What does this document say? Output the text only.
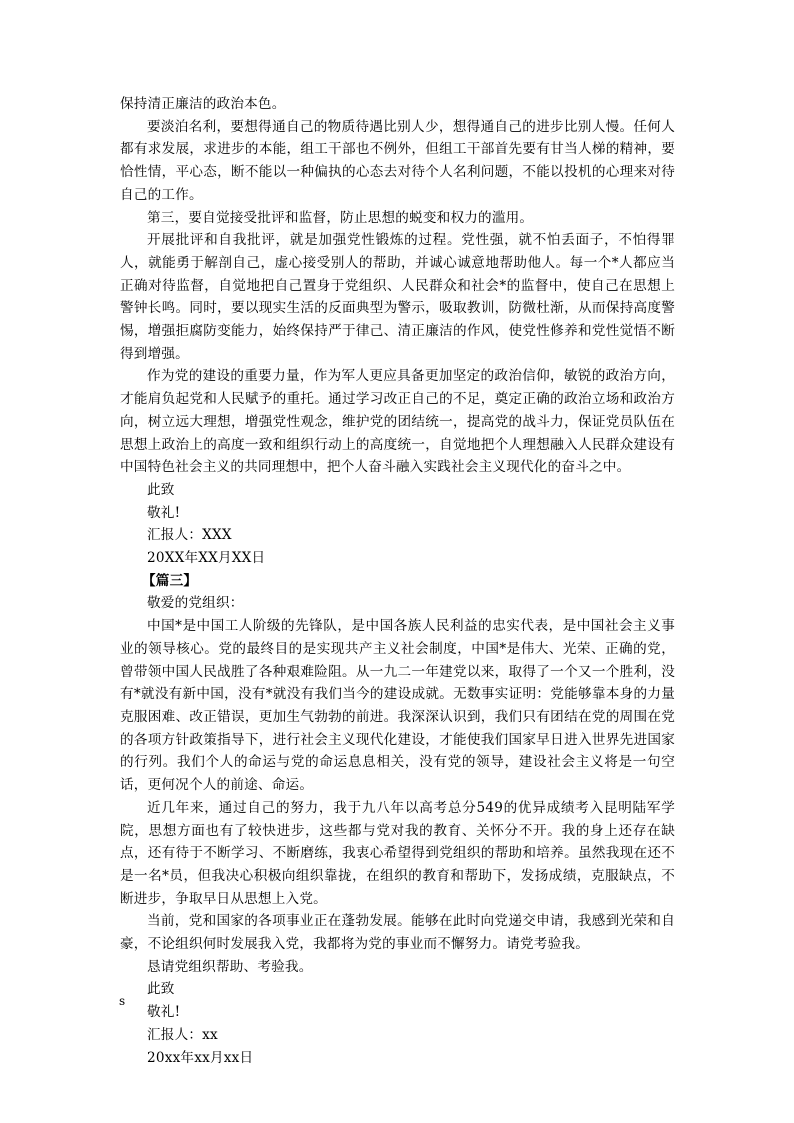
保持清正廉洁的政治本色。

要淡泊名利，要想得通自己的物质待遇比别人少，想得通自己的进步比别人慢。任何人都有求发展，求进步的本能，组工干部也不例外，但组工干部首先要有甘当人梯的精神，要恰性情，平心态，断不能以一种偏执的心态去对待个人名利问题，不能以投机的心理来对待自己的工作。

第三，要自觉接受批评和监督，防止思想的蜕变和权力的滥用。

开展批评和自我批评，就是加强党性锻炼的过程。党性强，就不怕丢面子，不怕得罪人，就能勇于解剖自己，虚心接受别人的帮助，并诚心诚意地帮助他人。每一个*人都应当正确对待监督，自觉地把自己置身于党组织、人民群众和社会*的监督中，使自己在思想上警钟长鸣。同时，要以现实生活的反面典型为警示，吸取教训，防微杜渐，从而保持高度警惕，增强拒腐防变能力，始终保持严于律己、清正廉洁的作风，使党性修养和党性觉悟不断得到增强。

作为党的建设的重要力量，作为军人更应具备更加坚定的政治信仰，敏锐的政治方向，才能肩负起党和人民赋予的重托。通过学习改正自己的不足，奠定正确的政治立场和政治方向，树立远大理想，增强党性观念，维护党的团结统一，提高党的战斗力，保证党员队伍在思想上政治上的高度一致和组织行动上的高度统一，自觉地把个人理想融入人民群众建设有中国特色社会主义的共同理想中，把个人奋斗融入实践社会主义现代化的奋斗之中。

此致

敬礼!

汇报人：XXX

20XX年XX月XX日

【篇三】

敬爱的党组织：

中国*是中国工人阶级的先锋队，是中国各族人民利益的忠实代表，是中国社会主义事业的领导核心。党的最终目的是实现共产主义社会制度，中国*是伟大、光荣、正确的党，曾带领中国人民战胜了各种艰难险阻。从一九二一年建党以来，取得了一个又一个胜利，没有*就没有新中国，没有*就没有我们当今的建设成就。无数事实证明：党能够靠本身的力量克服困难、改正错误，更加生气勃勃的前进。我深深认识到，我们只有团结在党的周围在党的各项方针政策指导下，进行社会主义现代化建设，才能使我们国家早日进入世界先进国家的行列。我们个人的命运与党的命运息息相关，没有党的领导，建设社会主义将是一句空话，更何况个人的前途、命运。

近几年来，通过自己的努力，我于九八年以高考总分549的优异成绩考入昆明陆军学院，思想方面也有了较快进步，这些都与党对我的教育、关怀分不开。我的身上还存在缺点，还有待于不断学习、不断磨练，我衷心希望得到党组织的帮助和培养。虽然我现在还不是一名*员，但我决心积极向组织靠拢，在组织的教育和帮助下，发扬成绩，克服缺点，不断进步，争取早日从思想上入党。

当前，党和国家的各项事业正在蓬勃发展。能够在此时向党递交申请，我感到光荣和自豪，不论组织何时发展我入党，我都将为党的事业而不懈努力。请党考验我。

恳请党组织帮助、考验我。

此致

敬礼!

汇报人：xx

20xx年xx月xx日

s
